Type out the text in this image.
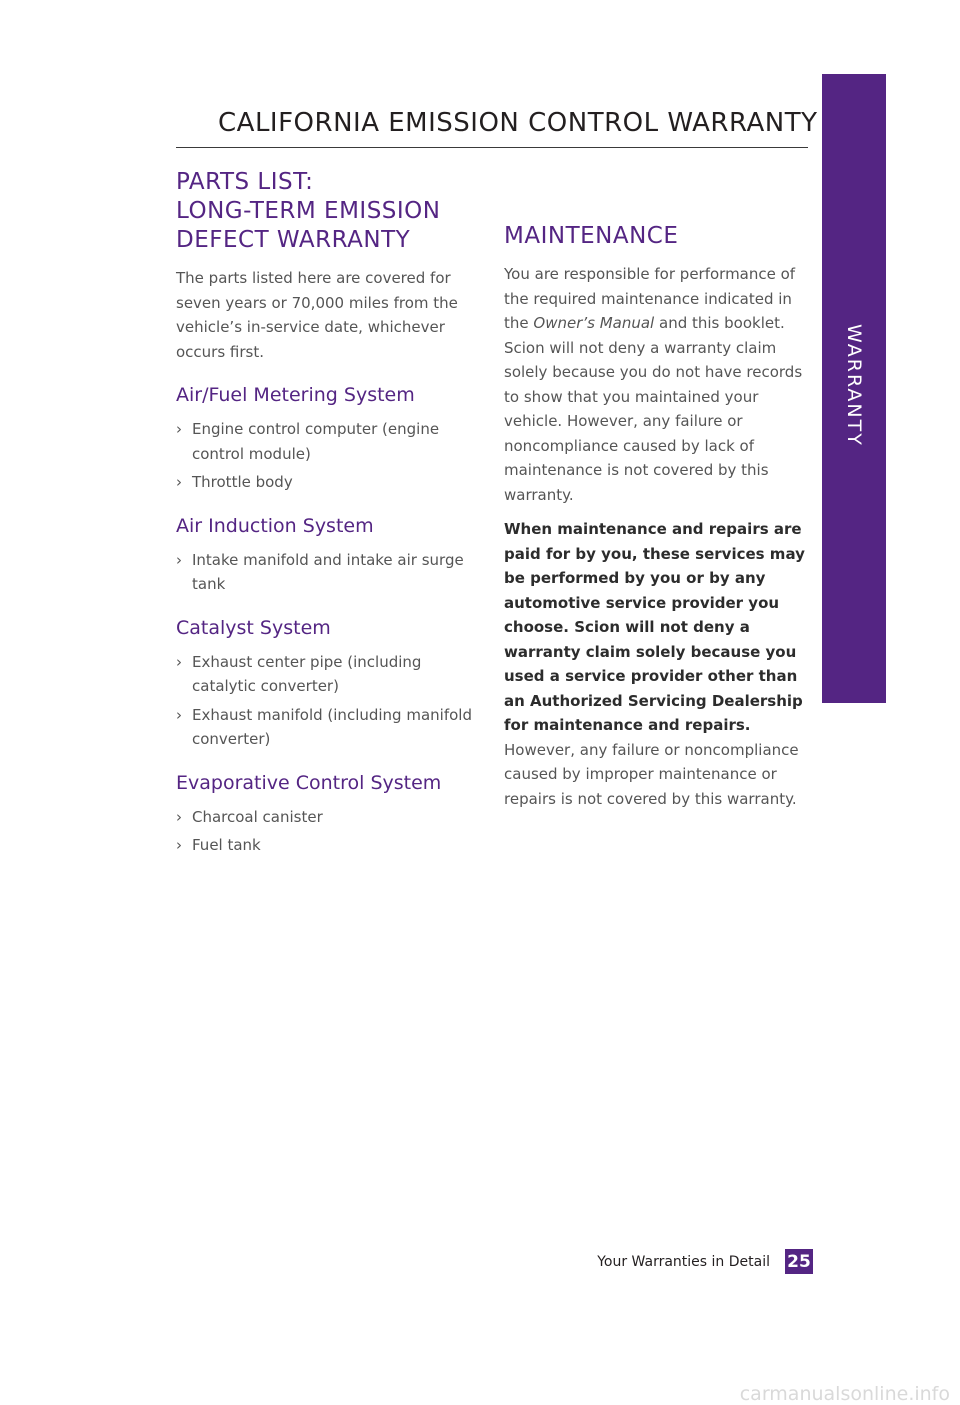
CALIFORNIA EMISSION CONTROL WARRANTY
WARRANTY
PARTS LIST:
LONG-TERM EMISSION
DEFECT WARRANTY

The parts listed here are covered for seven years or 70,000 miles from the vehicle’s in-service date, whichever occurs first.

Air/Fuel Metering System
› Engine control computer (engine control module)
› Throttle body
Air Induction System
› Intake manifold and intake air surge tank
Catalyst System
› Exhaust center pipe (including catalytic converter)
› Exhaust manifold (including manifold converter)
Evaporative Control System
› Charcoal canister
› Fuel tank
MAINTENANCE

You are responsible for performance of the required maintenance indicated in the Owner’s Manual and this booklet. Scion will not deny a warranty claim solely because you do not have records to show that you maintained your vehicle. However, any failure or noncompliance caused by lack of maintenance is not covered by this warranty.

When maintenance and repairs are paid for by you, these services may be performed by you or by any automotive service provider you choose. Scion will not deny a warranty claim solely because you used a service provider other than an Authorized Servicing Dealership for maintenance and repairs. However, any failure or noncompliance caused by improper maintenance or repairs is not covered by this warranty.

Your Warranties in Detail 25
carmanualsonline.info
